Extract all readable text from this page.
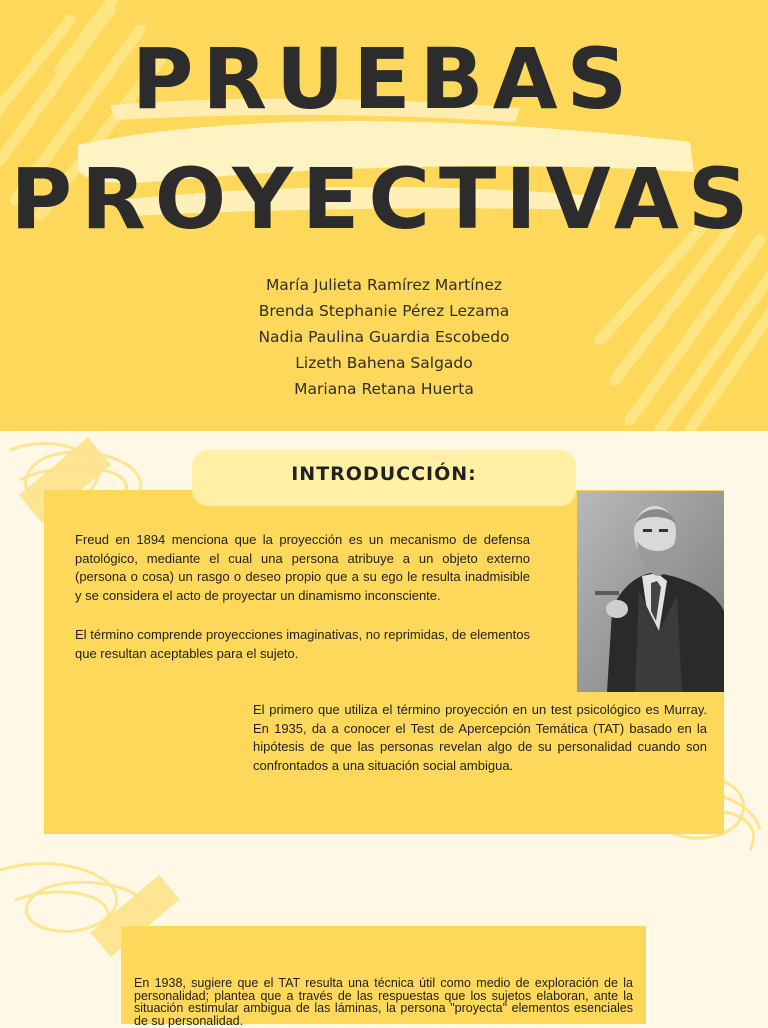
PRUEBAS
PROYECTIVAS
María Julieta Ramírez Martínez
Brenda Stephanie Pérez Lezama
Nadia Paulina Guardia Escobedo
Lizeth Bahena Salgado
Mariana Retana Huerta
INTRODUCCIÓN:

Freud en 1894 menciona que la proyección es un mecanismo de defensa patológico, mediante el cual una persona atribuye a un objeto externo (persona o cosa) un rasgo o deseo propio que a su ego le resulta inadmisible y se considera el acto de proyectar un dinamismo inconsciente.

El término comprende proyecciones imaginativas, no reprimidas, de elementos que resultan aceptables para el sujeto.

El primero que utiliza el término proyección en un test psicológico es Murray. En 1935, da a conocer el Test de Apercepción Temática (TAT) basado en la hipótesis de que las personas revelan algo de su personalidad cuando son confrontados a una situación social ambigua.

En 1938, sugiere que el TAT resulta una técnica útil como medio de exploración de la personalidad; plantea que a través de las respuestas que los sujetos elaboran, ante la situación estimular ambigua de las láminas, la persona "proyecta" elementos esenciales de su personalidad.
